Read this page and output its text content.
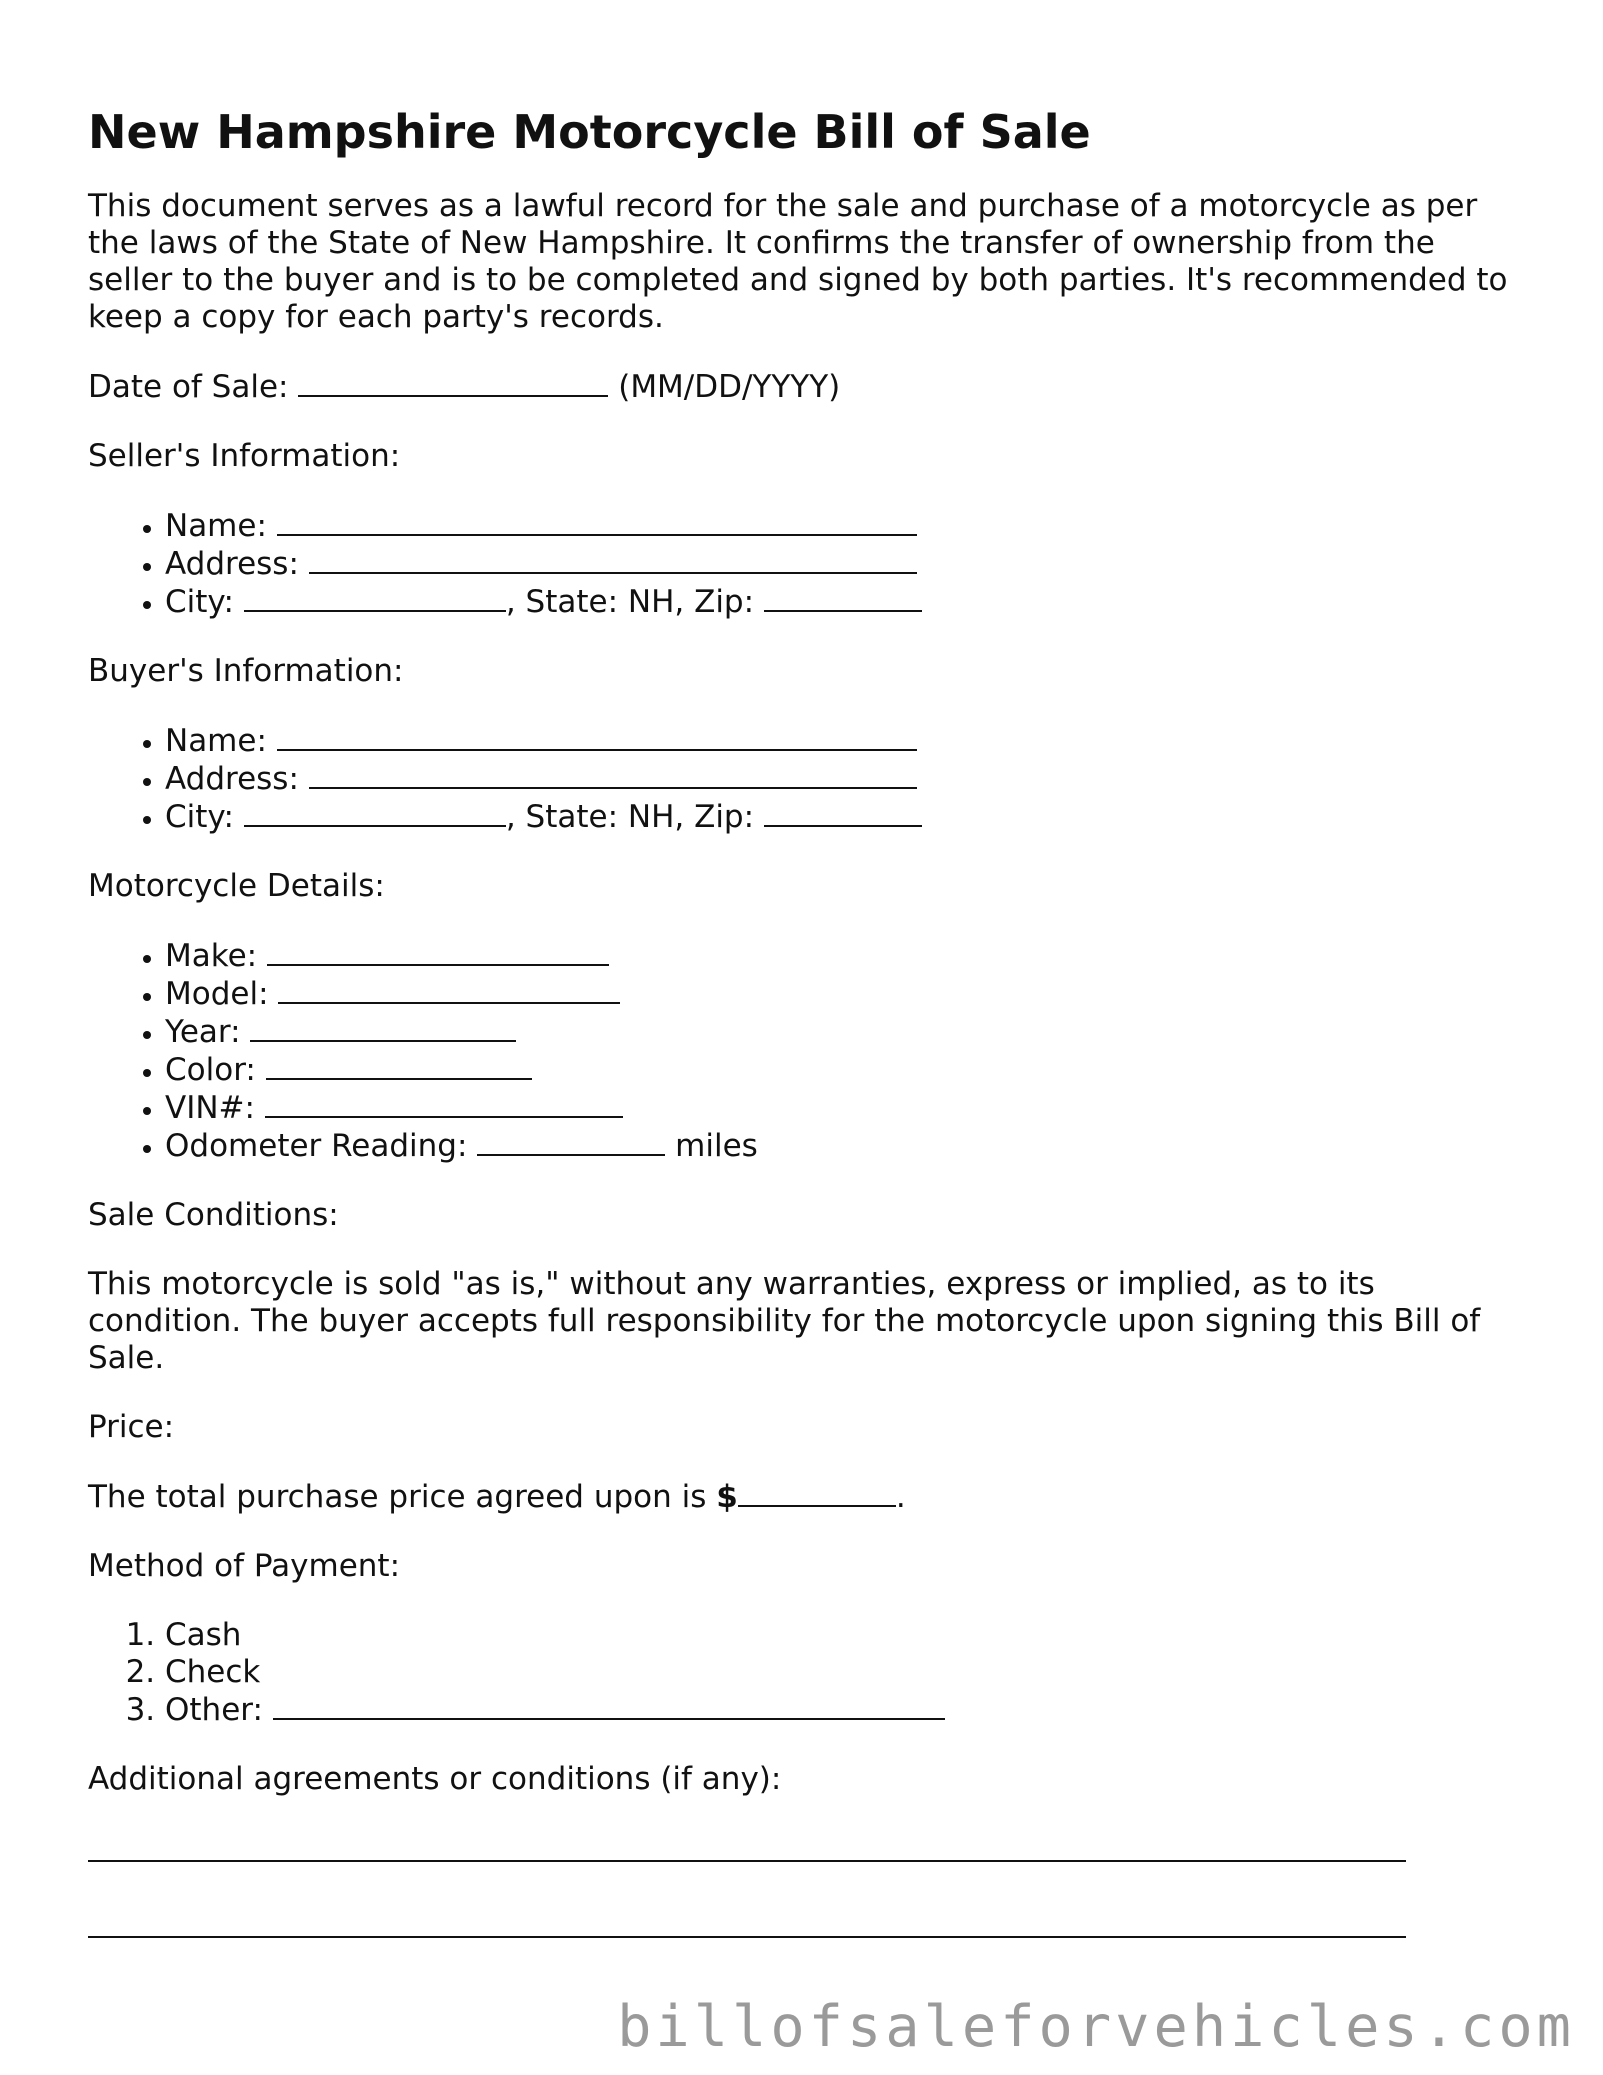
New Hampshire Motorcycle Bill of Sale

This document serves as a lawful record for the sale and purchase of a motorcycle as per the laws of the State of New Hampshire. It confirms the transfer of ownership from the seller to the buyer and is to be completed and signed by both parties. It's recommended to keep a copy for each party's records.

Date of Sale:	(MM/DD/YYYY)

Seller's Information:

• Name:
• Address:
• City:	, State: NH, Zip:

Buyer's Information:

• Name:
• Address:
• City:	, State: NH, Zip:

Motorcycle Details:

• Make:
• Model:
• Year:
• Color:
• VIN#:
• Odometer Reading:	miles

Sale Conditions:

This motorcycle is sold "as is," without any warranties, express or implied, as to its condition. The buyer accepts full responsibility for the motorcycle upon signing this Bill of Sale.

Price:

The total purchase price agreed upon is $	.

Method of Payment:

1. Cash
2. Check
3. Other:

Additional agreements or conditions (if any):

billofsaleforvehicles.com
